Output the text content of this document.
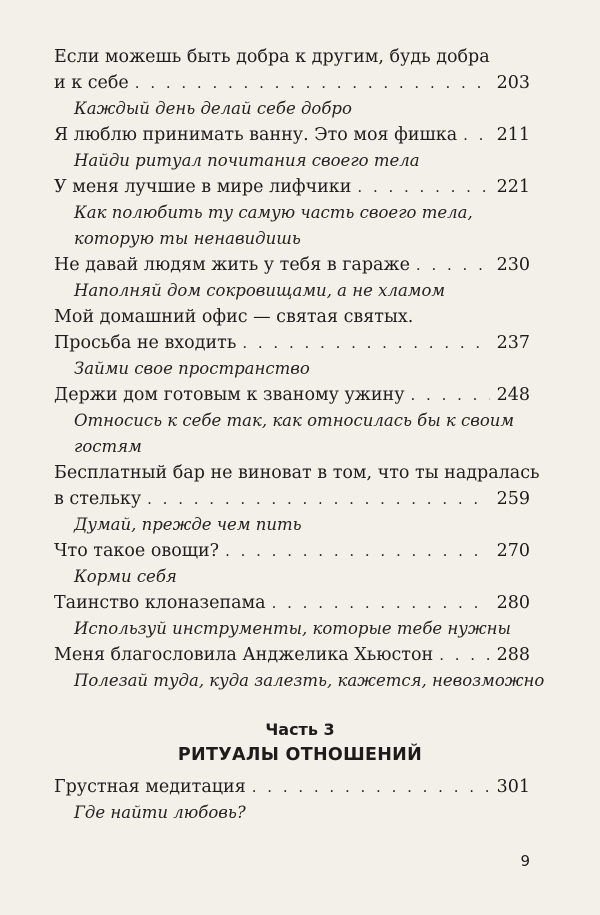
Если можешь быть добра к другим, будь добра
и к себе . . .	203
Каждый день делай себе добро
Я люблю принимать ванну. Это моя фишка . . . 211
Найди ритуал почитания своего тела
У меня лучшие в мире лифчики . . .	221
Как полюбить ту самую часть своего тела,
которую ты ненавидишь
Не давай людям жить у тебя в гараже . . .	230
Наполняй дом сокровищами, а не хламом
Мой домашний офис — святая святых.
Просьба не входить . . .	237
Займи свое пространство
Держи дом готовым к званому ужину . . .	248
Относись к себе так, как относилась бы к своим
гостям
Бесплатный бар не виноват в том, что ты надралась
в стельку . . .	259
Думай, прежде чем пить
Что такое овощи? . . .	270
Корми себя
Таинство клоназепама . . .	280
Используй инструменты, которые тебе нужны
Меня благословила Анджелика Хьюстон . . .	288
Полезай туда, куда залезть, кажется, невозможно
Часть 3
РИТУАЛЫ ОТНОШЕНИЙ
Грустная медитация . . .	301
Где найти любовь?
9
